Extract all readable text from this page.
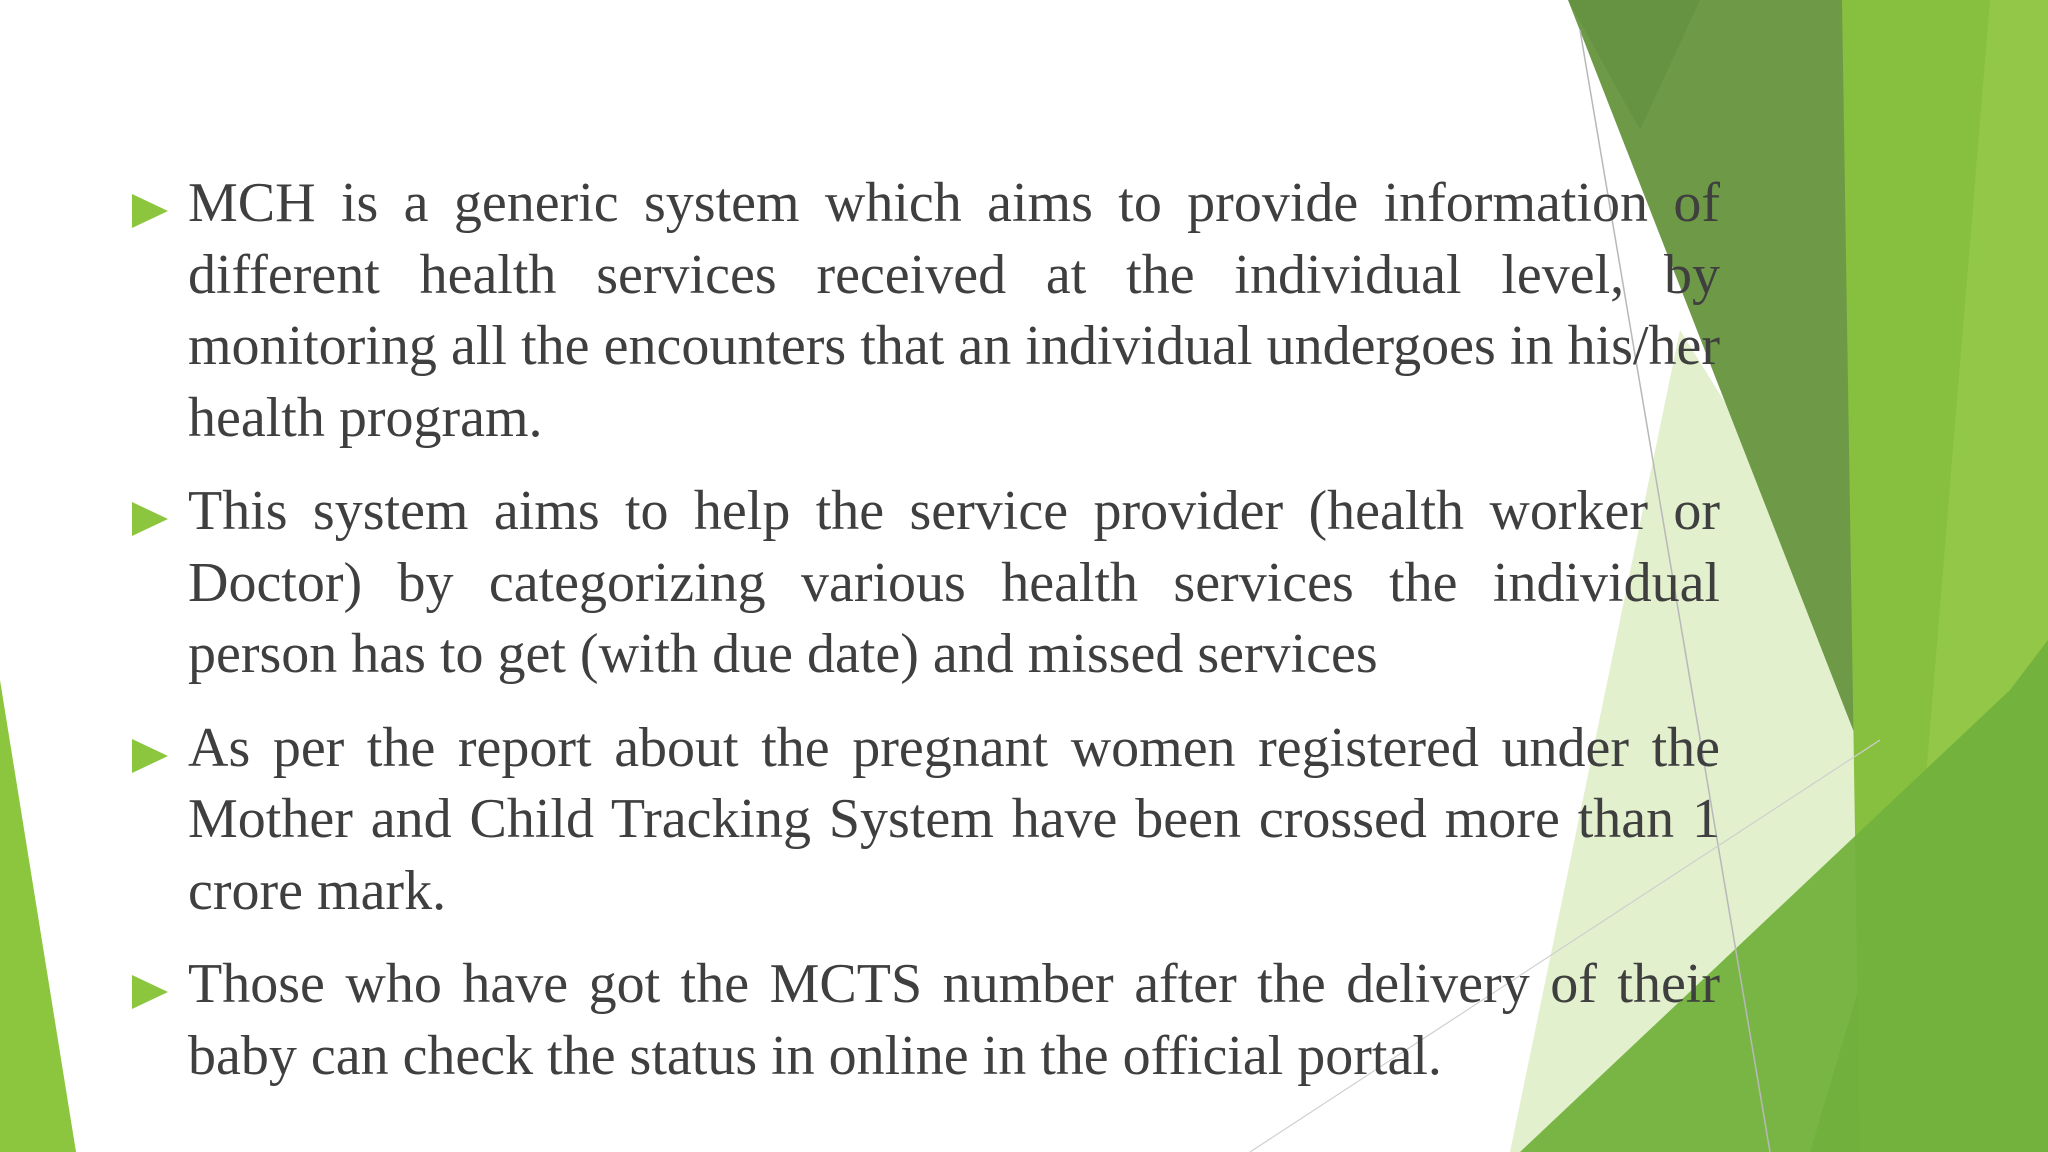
MCH is a generic system which aims to provide information of different health services received at the individual level, by monitoring all the encounters that an individual undergoes in his/her health program.
This system aims to help the service provider (health worker or Doctor) by categorizing various health services the individual person has to get (with due date) and missed services
As per the report about the pregnant women registered under the Mother and Child Tracking System have been crossed more than 1 crore mark.
Those who have got the MCTS number after the delivery of their baby can check the status in online in the official portal.
